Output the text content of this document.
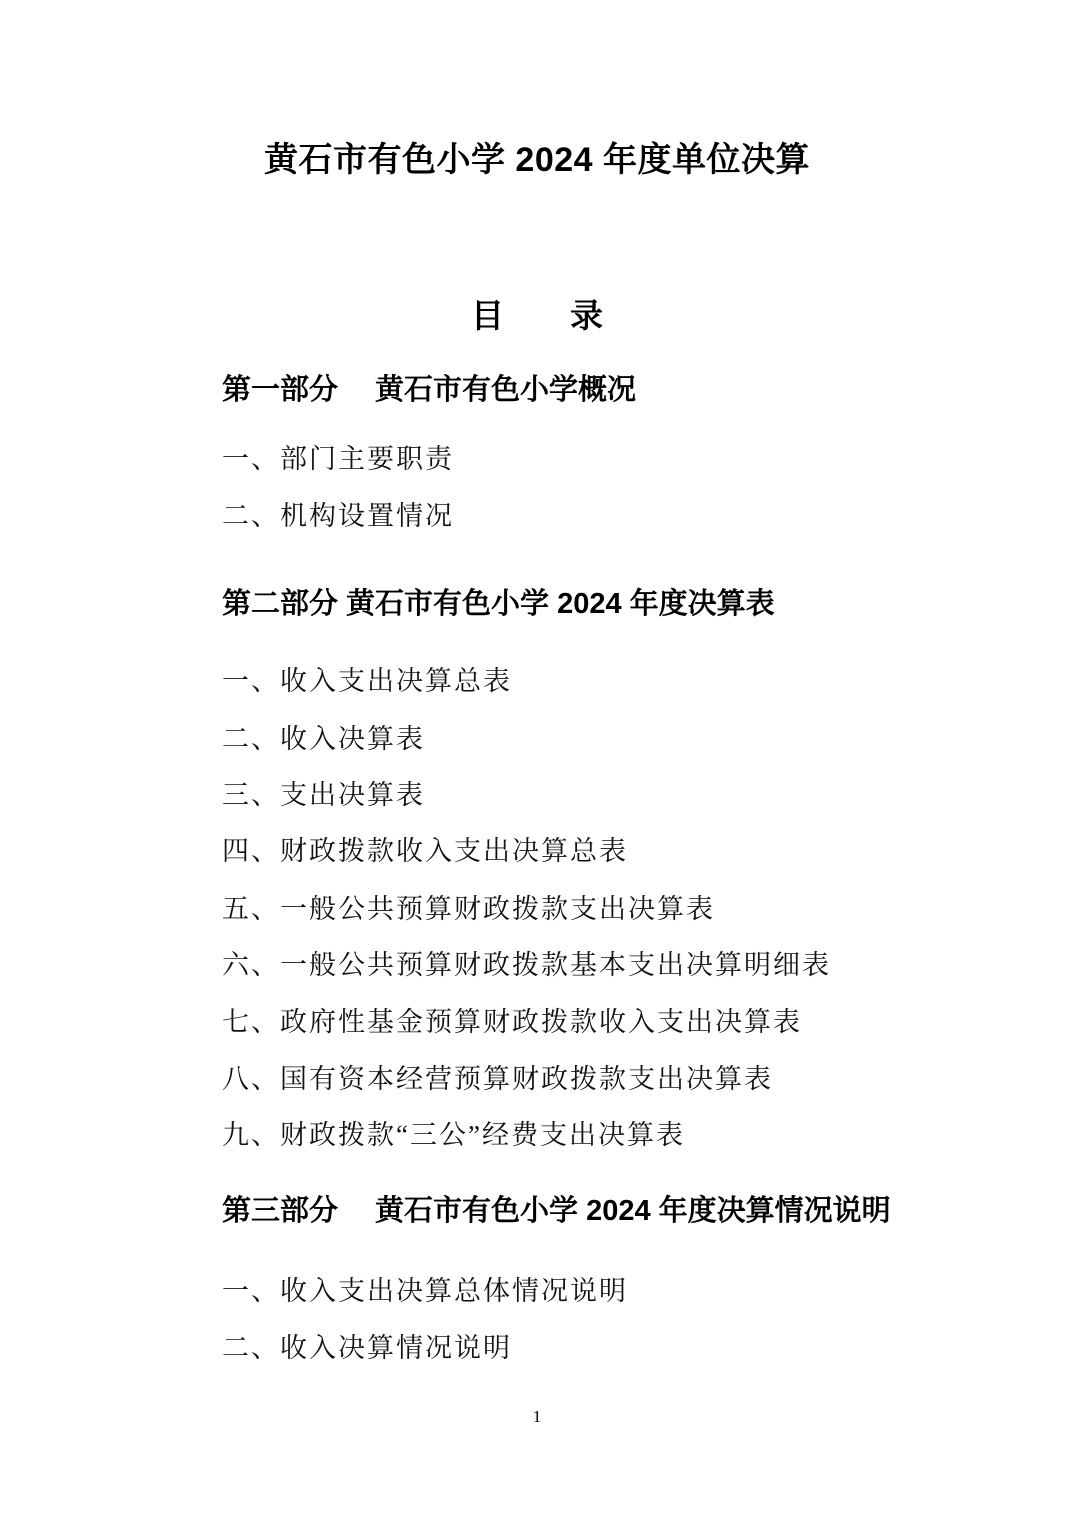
黄石市有色小学 2024 年度单位决算
目　　录
第一部分　 黄石市有色小学概况
一、部门主要职责
二、机构设置情况
第二部分 黄石市有色小学 2024 年度决算表
一、收入支出决算总表
二、收入决算表
三、支出决算表
四、财政拨款收入支出决算总表
五、一般公共预算财政拨款支出决算表
六、一般公共预算财政拨款基本支出决算明细表
七、政府性基金预算财政拨款收入支出决算表
八、国有资本经营预算财政拨款支出决算表
九、财政拨款“三公”经费支出决算表
第三部分　 黄石市有色小学 2024 年度决算情况说明
一、收入支出决算总体情况说明
二、收入决算情况说明
1
